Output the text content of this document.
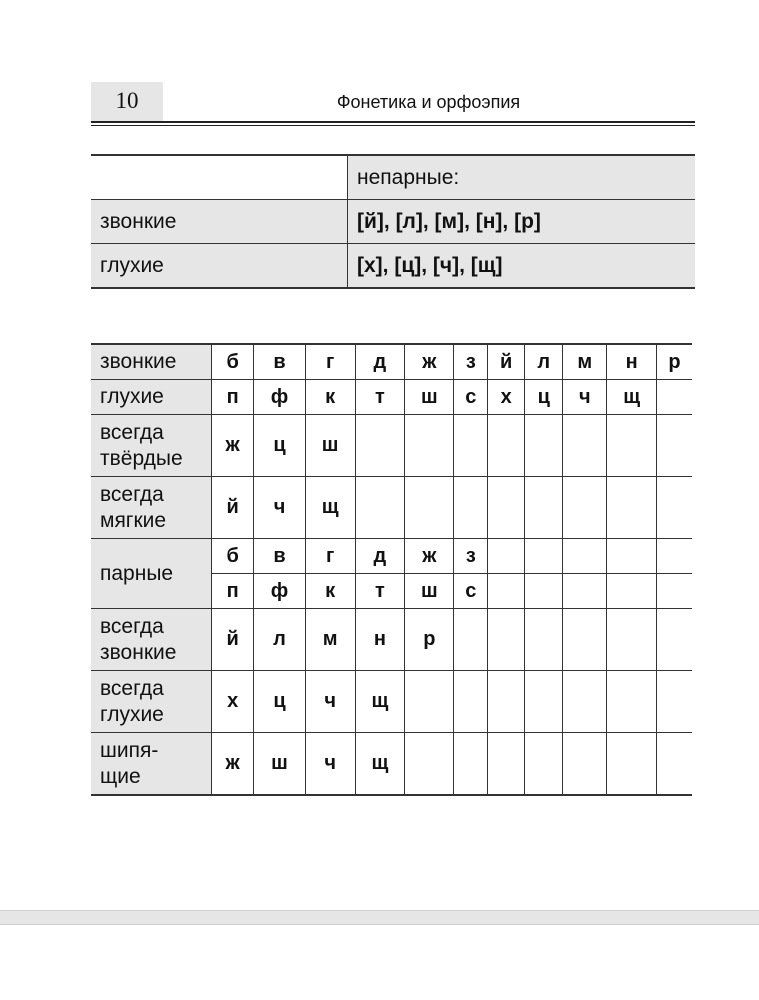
10	Фонетика и орфоэпия
	непарные:
звонкие	[й], [л], [м], [н], [р]
глухие	[х], [ц], [ч], [щ]
звонкие	б	в	г	д	ж	з	й	л	м	н	р
глухие	п	ф	к	т	ш	с	х	ц	ч	щ	
всегда
твёрдые	ж	ц	ш								
всегда
мягкие	й	ч	щ								
парные	б	в	г	д	ж	з					
	п	ф	к	т	ш	с					
всегда
звонкие	й	л	м	н	р						
всегда
глухие	х	ц	ч	щ							
шипя-
щие	ж	ш	ч	щ							
